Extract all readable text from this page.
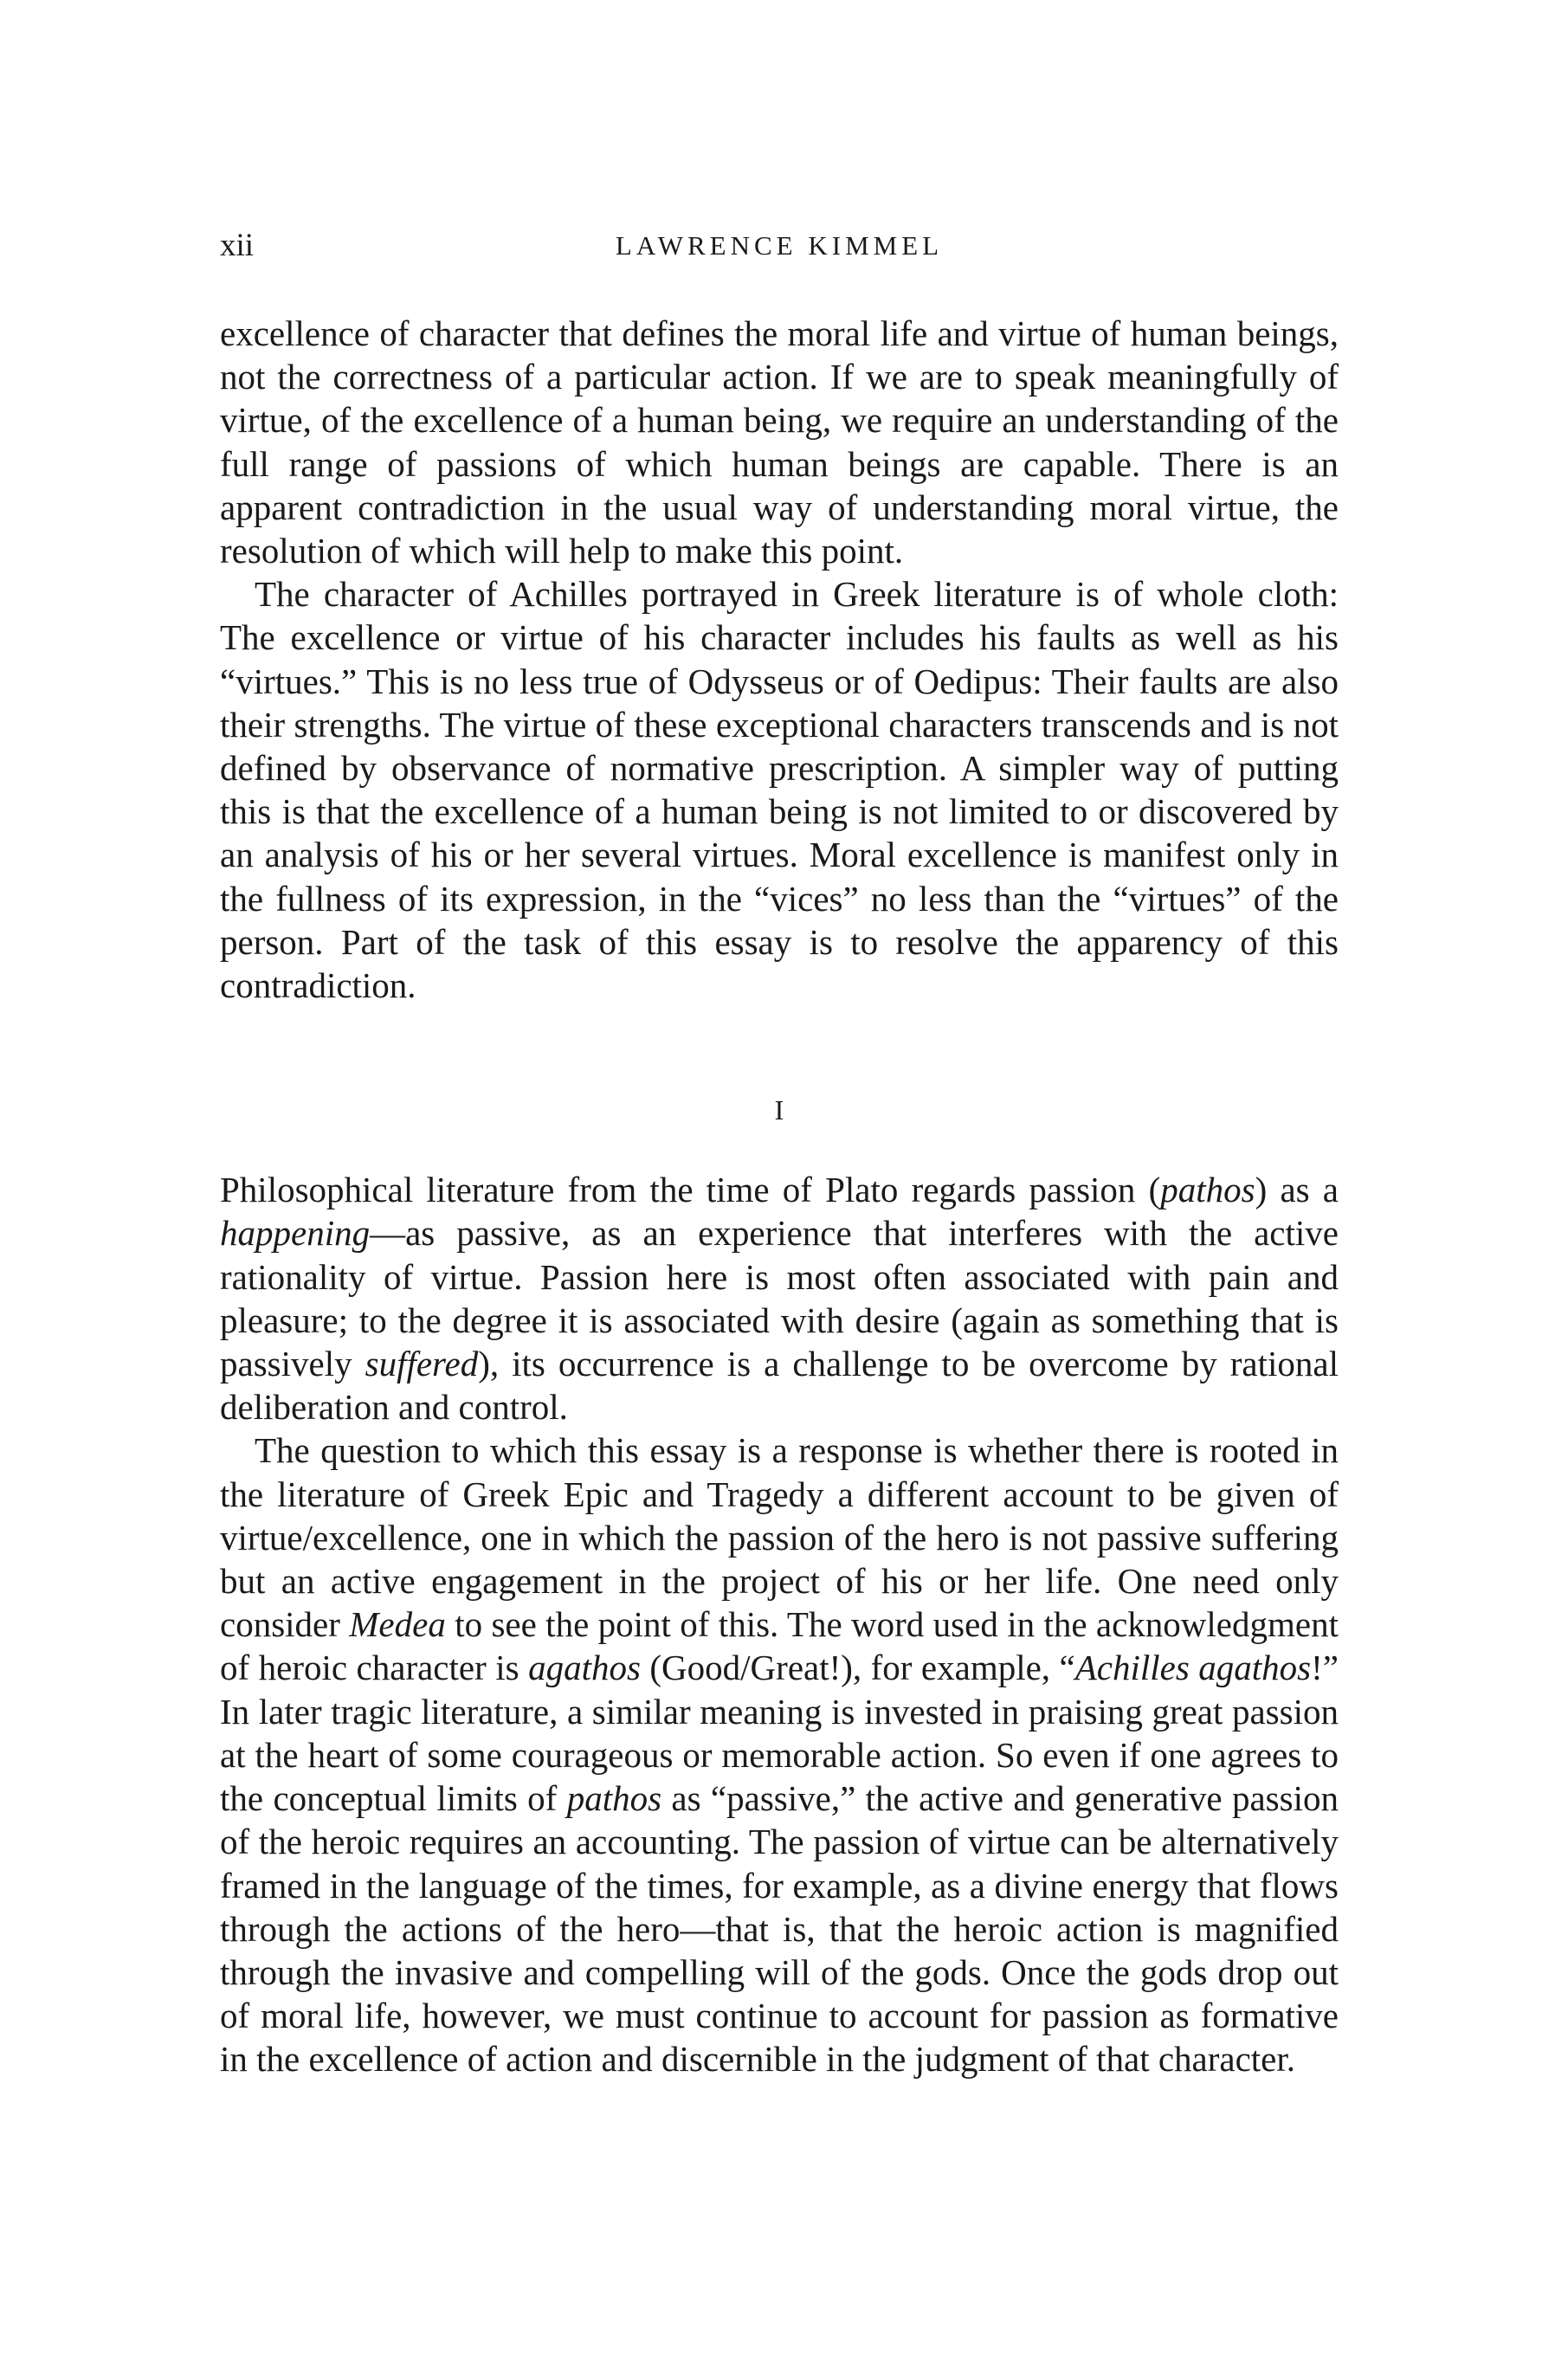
xii	LAWRENCE KIMMEL

excellence of character that defines the moral life and virtue of human beings, not the correctness of a particular action. If we are to speak meaningfully of virtue, of the excellence of a human being, we require an understanding of the full range of passions of which human beings are capable. There is an apparent contradiction in the usual way of understanding moral virtue, the resolution of which will help to make this point.

The character of Achilles portrayed in Greek literature is of whole cloth: The excellence or virtue of his character includes his faults as well as his “virtues.” This is no less true of Odysseus or of Oedipus: Their faults are also their strengths. The virtue of these exceptional characters transcends and is not defined by observance of normative prescription. A simpler way of putting this is that the excellence of a human being is not limited to or discovered by an analysis of his or her several virtues. Moral excellence is manifest only in the fullness of its expression, in the “vices” no less than the “virtues” of the person. Part of the task of this essay is to resolve the apparency of this contradiction.

I

Philosophical literature from the time of Plato regards passion (pathos) as a happening—as passive, as an experience that interferes with the active rationality of virtue. Passion here is most often associated with pain and pleasure; to the degree it is associated with desire (again as something that is passively suffered), its occurrence is a challenge to be overcome by rational deliberation and control.

The question to which this essay is a response is whether there is rooted in the literature of Greek Epic and Tragedy a different account to be given of virtue/excellence, one in which the passion of the hero is not passive suffering but an active engagement in the project of his or her life. One need only consider Medea to see the point of this. The word used in the acknowledgment of heroic character is agathos (Good/Great!), for example, “Achilles agathos!” In later tragic literature, a similar meaning is invested in praising great passion at the heart of some courageous or memorable action. So even if one agrees to the conceptual limits of pathos as “passive,” the active and generative passion of the heroic requires an accounting. The passion of virtue can be alternatively framed in the language of the times, for example, as a divine energy that flows through the actions of the hero—that is, that the heroic action is magnified through the invasive and compelling will of the gods. Once the gods drop out of moral life, however, we must continue to account for passion as formative in the excellence of action and discernible in the judgment of that character.
